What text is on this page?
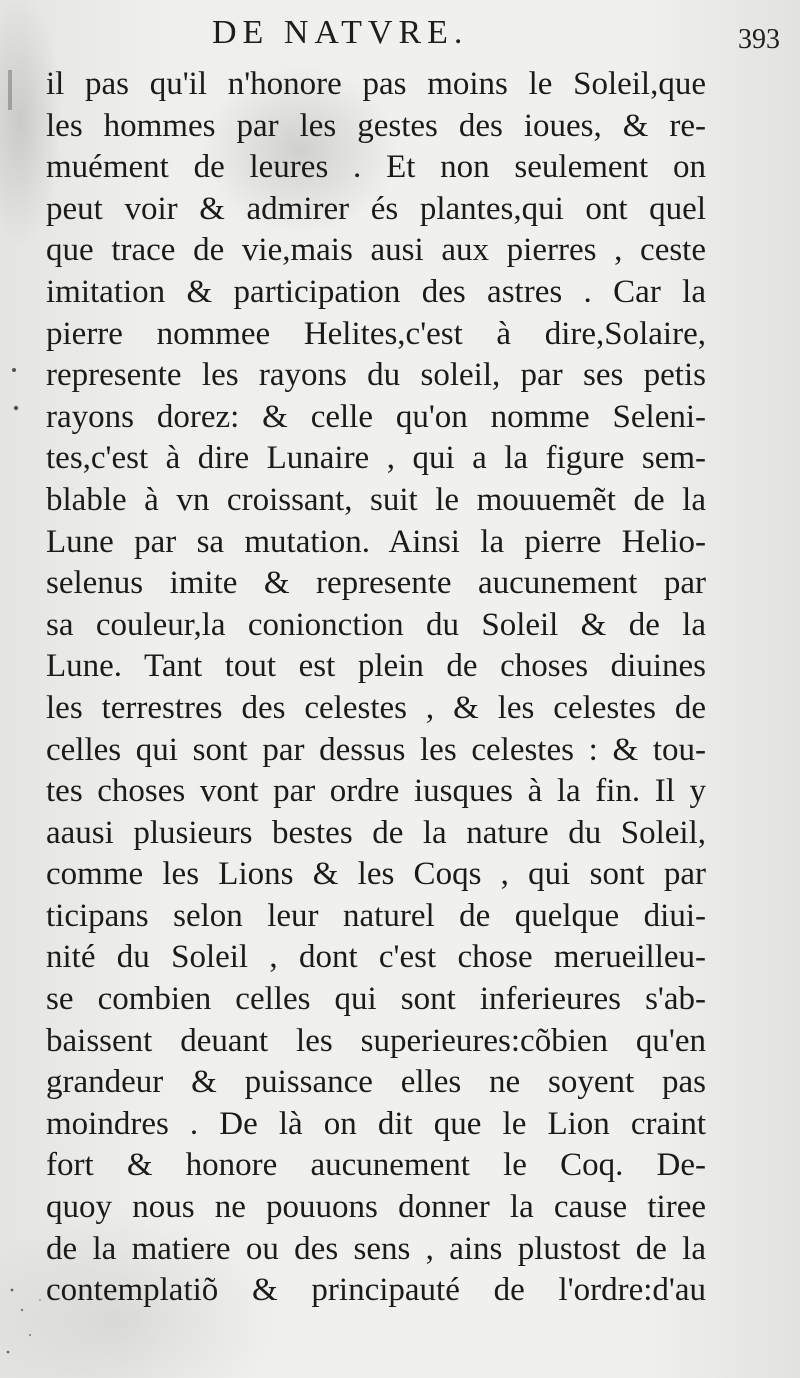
DE NATVRE.	393
il pas qu'il n'honore pas moins le Soleil,que
les hommes par les gestes des ioues, & re-
muément de leures . Et non seulement on
peut voir & admirer és plantes,qui ont quel
que trace de vie,mais ausi aux pierres , ceste
imitation & participation des astres . Car la
pierre nommee Helites,c'est à dire,Solaire,
represente les rayons du soleil, par ses petis
rayons dorez: & celle qu'on nomme Seleni-
tes,c'est à dire Lunaire , qui a la figure sem-
blable à vn croissant, suit le mouuemẽt de la
Lune par sa mutation. Ainsi la pierre Helio-
selenus imite & represente aucunement par
sa couleur,la conionction du Soleil & de la
Lune. Tant tout est plein de choses diuines
les terrestres des celestes , & les celestes de
celles qui sont par dessus les celestes : & tou-
tes choses vont par ordre iusques à la fin. Il y
aausi plusieurs bestes de la nature du Soleil,
comme les Lions & les Coqs , qui sont par
ticipans selon leur naturel de quelque diui-
nité du Soleil , dont c'est chose merueilleu-
se combien celles qui sont inferieures s'ab-
baissent deuant les superieures:cõbien qu'en
grandeur & puissance elles ne soyent pas
moindres . De là on dit que le Lion craint
fort & honore aucunement le Coq. De-
quoy nous ne pouuons donner la cause tiree
de la matiere ou des sens , ains plustost de la
contemplatiõ & principauté de l'ordre:d'au
